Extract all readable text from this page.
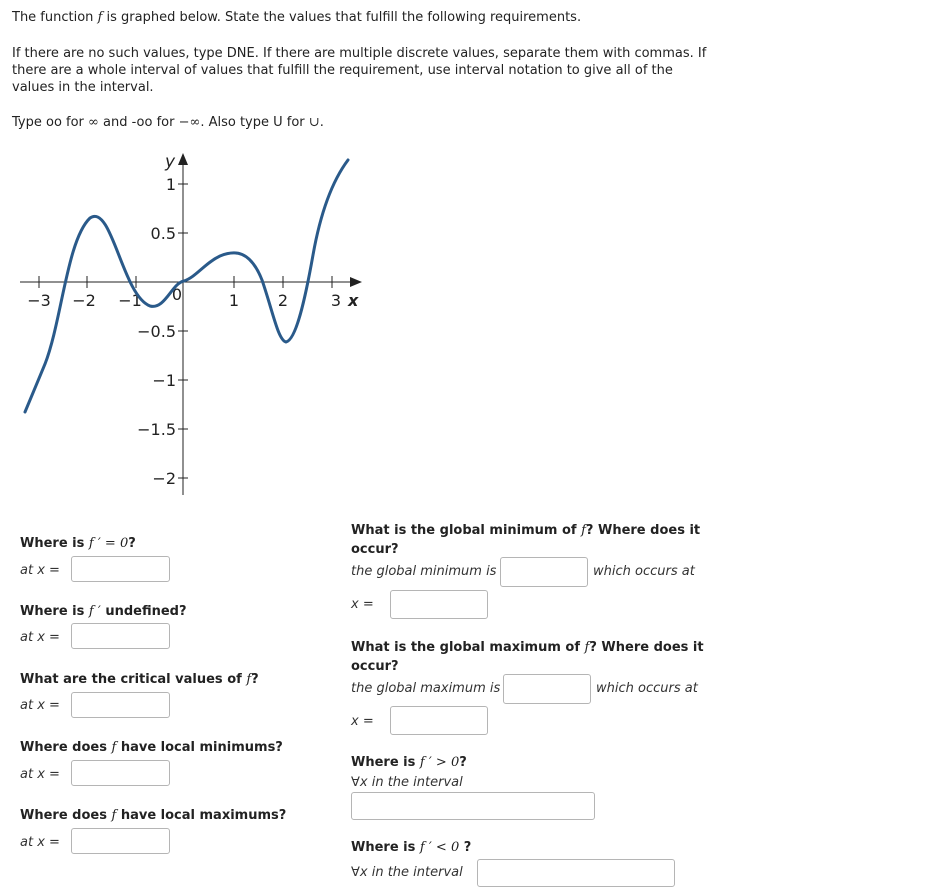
The function f is graphed below. State the values that fulfill the following requirements.

If there are no such values, type DNE. If there are multiple discrete values, separate them with commas. If
there are a whole interval of values that fulfill the requirement, use interval notation to give all of the
values in the interval.

Type oo for ∞ and -oo for −∞. Also type U for ∪.

y
1
0.5
−0.5
−1
−1.5
−2
−3 −2 −1	1 2	3 x
0
Where is f ′ = 0?
at x =
Where is f ′ undefined?
at x =
What are the critical values of f?
at x =
Where does f have local minimums?
at x =
Where does f have local maximums?
at x =
What is the global minimum of f? Where does it
occur?
the global minimum is	which occurs at
x =
What is the global maximum of f? Where does it
occur?
the global maximum is	which occurs at
x =
Where is f ′ > 0?
∀x in the interval
Where is f ′ < 0 ?
∀x in the interval
